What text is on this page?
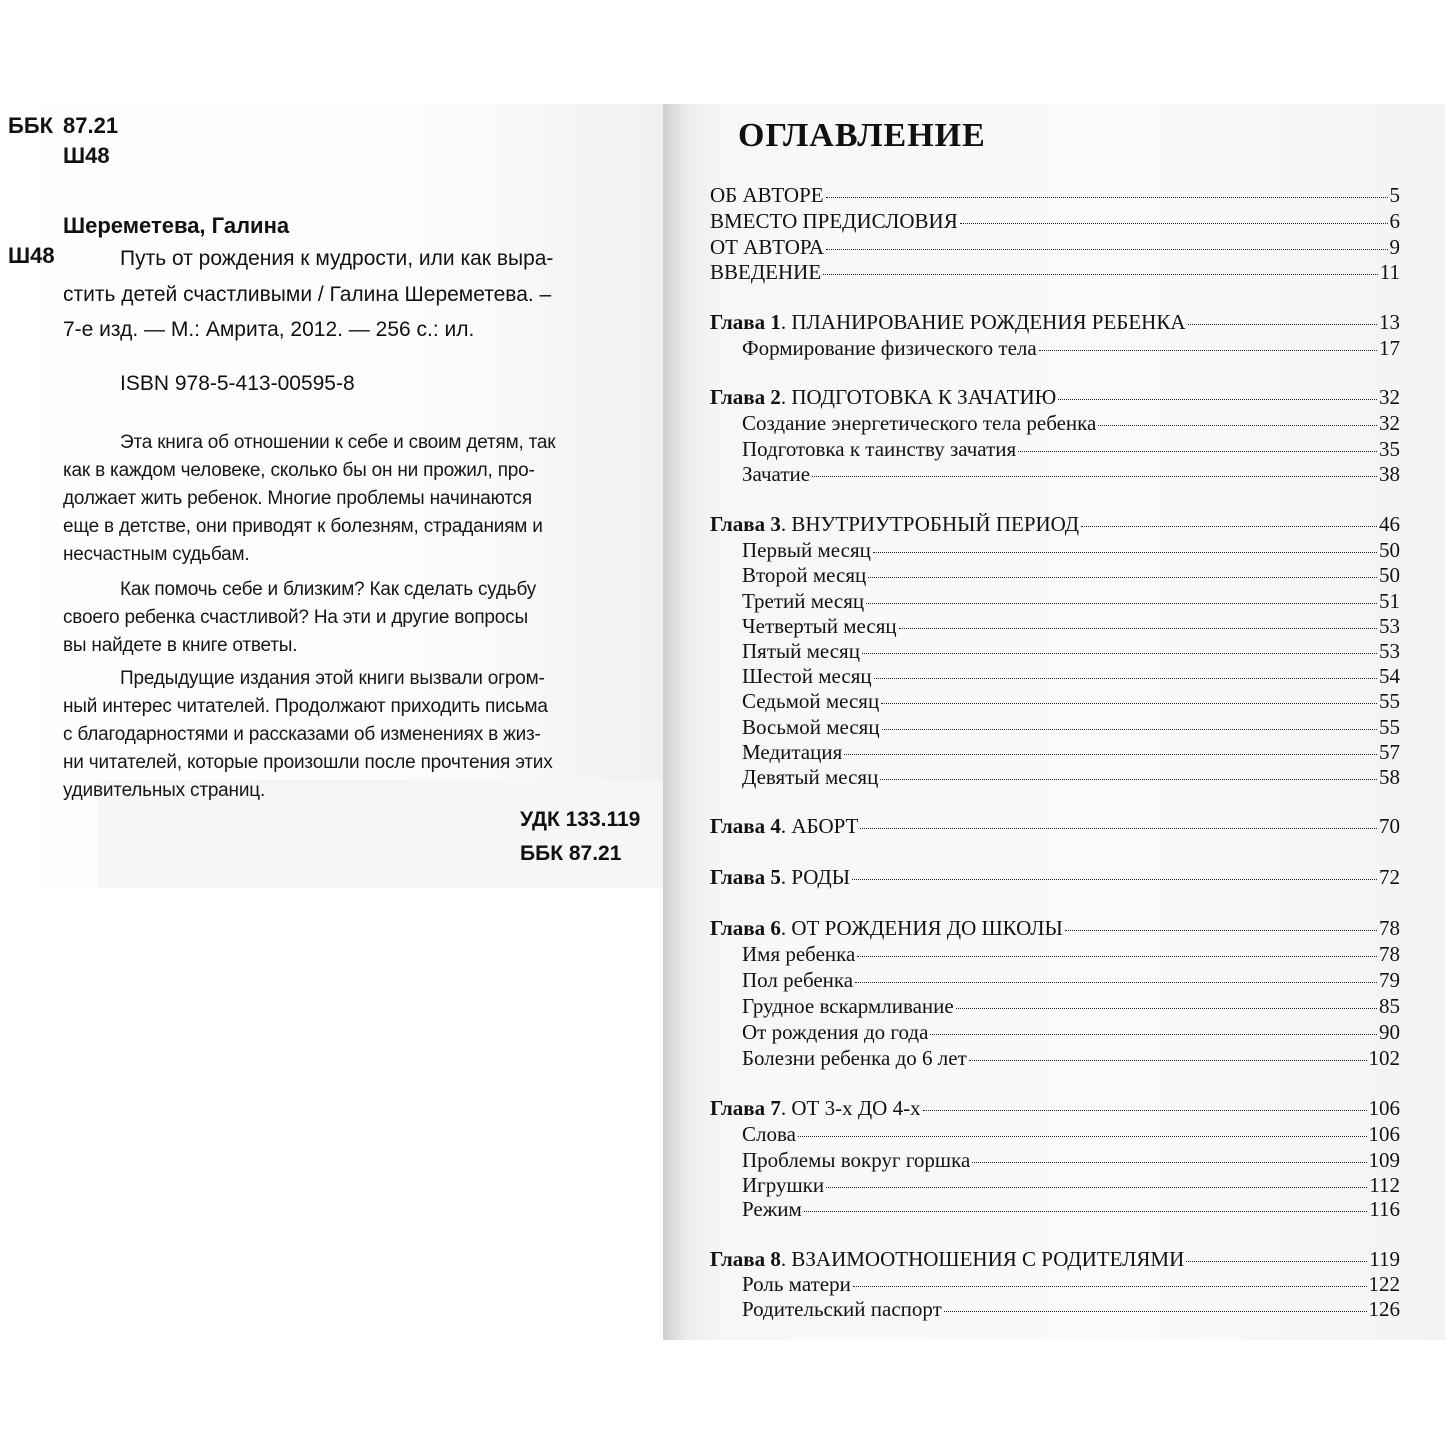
ББК 87.21
Ш48
Шереметева, Галина
Ш48	Путь от рождения к мудрости, или как выра-
стить детей счастливыми / Галина Шереметева. –
7-е изд. — М.: Амрита, 2012. — 256 с.: ил.
ISBN 978-5-413-00595-8
Эта книга об отношении к себе и своим детям, так
как в каждом человеке, сколько бы он ни прожил, про-
должает жить ребенок. Многие проблемы начинаются
еще в детстве, они приводят к болезням, страданиям и
несчастным судьбам.
Как помочь себе и близким? Как сделать судьбу
своего ребенка счастливой? На эти и другие вопросы
вы найдете в книге ответы.
Предыдущие издания этой книги вызвали огром-
ный интерес читателей. Продолжают приходить письма
с благодарностями и рассказами об изменениях в жиз-
ни читателей, которые произошли после прочтения этих
удивительных страниц.
УДК 133.119
ББК 87.21
ОГЛАВЛЕНИЕ
ОБ АВТОРЕ	5
ВМЕСТО ПРЕДИСЛОВИЯ	6
ОТ АВТОРА	9
ВВЕДЕНИЕ	11
Глава 1. ПЛАНИРОВАНИЕ РОЖДЕНИЯ РЕБЕНКА	13
Формирование физического тела	17
Глава 2. ПОДГОТОВКА К ЗАЧАТИЮ	32
Создание энергетического тела ребенка	32
Подготовка к таинству зачатия	35
Зачатие	38
Глава 3. ВНУТРИУТРОБНЫЙ ПЕРИОД	46
Первый месяц	50
Второй месяц	50
Третий месяц	51
Четвертый месяц	53
Пятый месяц	53
Шестой месяц	54
Седьмой месяц	55
Восьмой месяц	55
Медитация	57
Девятый месяц	58
Глава 4. АБОРТ	70
Глава 5. РОДЫ	72
Глава 6. ОТ РОЖДЕНИЯ ДО ШКОЛЫ	78
Имя ребенка	78
Пол ребенка	79
Грудное вскармливание	85
От рождения до года	90
Болезни ребенка до 6 лет	102
Глава 7. ОТ 3-х ДО 4-х	106
Слова	106
Проблемы вокруг горшка	109
Игрушки	112
Режим	116
Глава 8. ВЗАИМООТНОШЕНИЯ С РОДИТЕЛЯМИ	119
Роль матери	122
Родительский паспорт	126
